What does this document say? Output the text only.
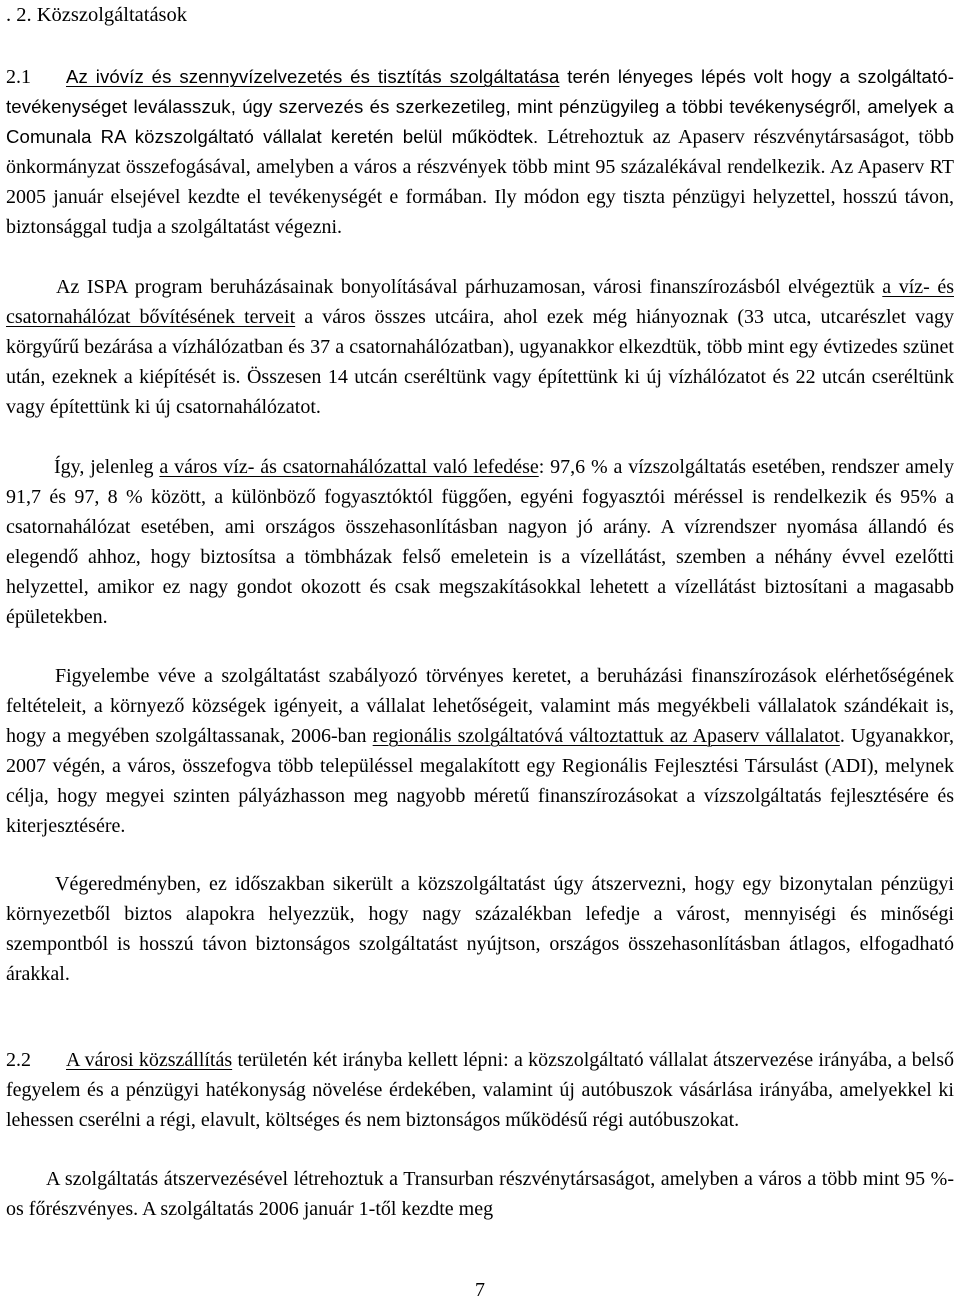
. 2. Közszolgáltatások

2.1 Az ivóvíz és szennyvízelvezetés és tisztítás szolgáltatása terén lényeges lépés volt hogy a szolgáltató- tevékenységet leválasszuk, úgy szervezés és szerkezetileg, mint pénzügyileg a többi tevékenységről, amelyek a Comunala RA közszolgáltató vállalat keretén belül működtek. Létrehoztuk az Apaserv részvénytársaságot, több önkormányzat összefogásával, amelyben a város a részvények több mint 95 százalékával rendelkezik. Az Apaserv RT 2005 január elsejével kezdte el tevékenységét e formában. Ily módon egy tiszta pénzügyi helyzettel, hosszú távon, biztonsággal tudja a szolgáltatást végezni.

Az ISPA program beruházásainak bonyolításával párhuzamosan, városi finanszírozásból elvégeztük a víz- és csatornahálózat bővítésének terveit a város összes utcáira, ahol ezek még hiányoznak (33 utca, utcarészlet vagy körgyűrű bezárása a vízhálózatban és 37 a csatornahálózatban), ugyanakkor elkezdtük, több mint egy évtizedes szünet után, ezeknek a kiépítését is. Összesen 14 utcán cseréltünk vagy építettünk ki új vízhálózatot és 22 utcán cseréltünk vagy építettünk ki új csatornahálózatot.

Így, jelenleg a város víz- ás csatornahálózattal való lefedése: 97,6 % a vízszolgáltatás esetében, rendszer amely 91,7 és 97, 8 % között, a különböző fogyasztóktól függően, egyéni fogyasztói méréssel is rendelkezik és 95% a csatornahálózat esetében, ami országos összehasonlításban nagyon jó arány. A vízrendszer nyomása állandó és elegendő ahhoz, hogy biztosítsa a tömbházak felső emeletein is a vízellátást, szemben a néhány évvel ezelőtti helyzettel, amikor ez nagy gondot okozott és csak megszakításokkal lehetett a vízellátást biztosítani a magasabb épületekben.

Figyelembe véve a szolgáltatást szabályozó törvényes keretet, a beruházási finanszírozások elérhetőségének feltételeit, a környező községek igényeit, a vállalat lehetőségeit, valamint más megyékbeli vállalatok szándékait is, hogy a megyében szolgáltassanak, 2006-ban regionális szolgáltatóvá változtattuk az Apaserv vállalatot. Ugyanakkor, 2007 végén, a város, összefogva több településsel megalakított egy Regionális Fejlesztési Társulást (ADI), melynek célja, hogy megyei szinten pályázhasson meg nagyobb méretű finanszírozásokat a vízszolgáltatás fejlesztésére és kiterjesztésére.

Végeredményben, ez időszakban sikerült a közszolgáltatást úgy átszervezni, hogy egy bizonytalan pénzügyi környezetből biztos alapokra helyezzük, hogy nagy százalékban lefedje a várost, mennyiségi és minőségi szempontból is hosszú távon biztonságos szolgáltatást nyújtson, országos összehasonlításban átlagos, elfogadható árakkal.

2.2 A városi közszállítás területén két irányba kellett lépni: a közszolgáltató vállalat átszervezése irányába, a belső fegyelem és a pénzügyi hatékonyság növelése érdekében, valamint új autóbuszok vásárlása irányába, amelyekkel ki lehessen cserélni a régi, elavult, költséges és nem biztonságos működésű régi autóbuszokat.

A szolgáltatás átszervezésével létrehoztuk a Transurban részvénytársaságot, amelyben a város a több mint 95 %-os főrészvényes. A szolgáltatás 2006 január 1-től kezdte meg

7
